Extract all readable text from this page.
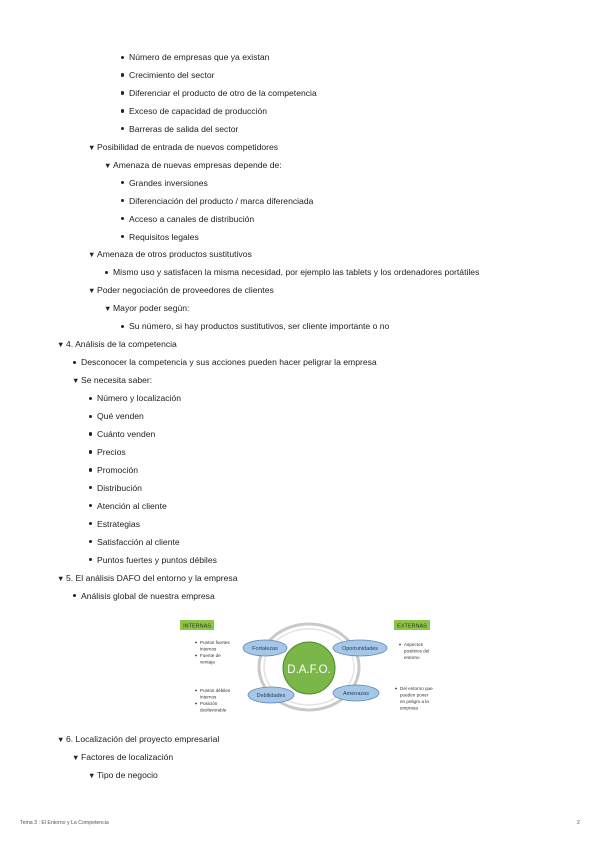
Número de empresas que ya existan
Crecimiento del sector
Diferenciar el producto de otro de la competencia
Exceso de capacidad de producción
Barreras de salida del sector
▼ Posibilidad de entrada de nuevos competidores
▼ Amenaza de nuevas empresas depende de:
Grandes inversiones
Diferenciación del producto / marca diferenciada
Acceso a canales de distribución
Requisitos legales
▼ Amenaza de otros productos sustitutivos
Mismo uso y satisfacen la misma necesidad, por ejemplo las tablets y los ordenadores portátiles
▼ Poder negociación de proveedores de clientes
▼ Mayor poder según:
Su número, si hay productos sustitutivos, ser cliente importante o no
▼ 4. Análisis de la competencia
Desconocer la competencia y sus acciones pueden hacer peligrar la empresa
▼ Se necesita saber:
Número y localización
Qué venden
Cuánto venden
Precios
Promoción
Distribución
Atención al cliente
Estrategias
Satisfacción al cliente
Puntos fuertes y puntos débiles
▼ 5. El análisis DAFO del entorno y la empresa
Análisis global de nuestra empresa
▼ 6. Localización del proyecto empresarial
▼ Factores de localización
▼ Tipo de negocio
INTERNAS	EXTERNAS
D.A.F.O.
Fortalezas	Oportunidades
Debilidades	Amenazas
Puntos fuertes
internos
Fuente de
ventaja
Puntos débiles
internos
Posición
desfavorable
Aspectos
positivos del
entorno
Del entorno que
pueden poner
en peligro a la
empresa
Tema 3 : El Entorno y La Competencia	2
